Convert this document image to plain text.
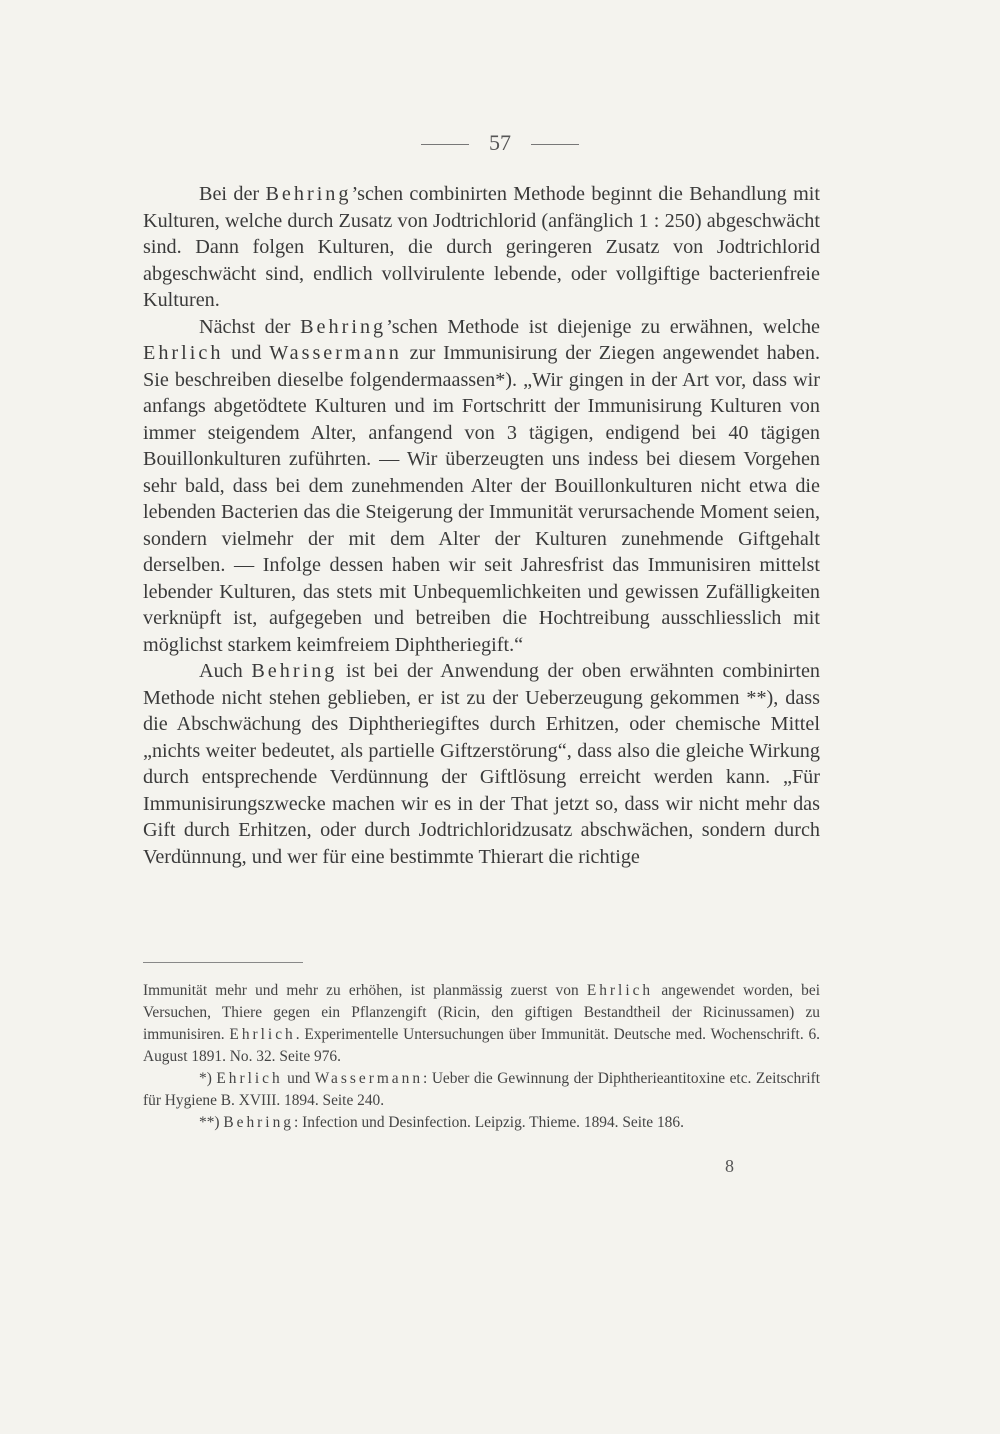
57

Bei der Behring’schen combinirten Methode beginnt die Behandlung mit Kulturen, welche durch Zusatz von Jodtrichlorid (anfänglich 1 : 250) abgeschwächt sind. Dann folgen Kulturen, die durch geringeren Zusatz von Jodtrichlorid abgeschwächt sind, endlich vollvirulente lebende, oder vollgiftige bacterienfreie Kulturen.

Nächst der Behring’schen Methode ist diejenige zu erwähnen, welche Ehrlich und Wassermann zur Immunisirung der Ziegen angewendet haben. Sie beschreiben dieselbe folgendermaassen*). „Wir gingen in der Art vor, dass wir anfangs abgetödtete Kulturen und im Fortschritt der Immunisirung Kulturen von immer steigendem Alter, anfangend von 3 tägigen, endigend bei 40 tägigen Bouillonkulturen zuführten. — Wir überzeugten uns indess bei diesem Vorgehen sehr bald, dass bei dem zunehmenden Alter der Bouillonkulturen nicht etwa die lebenden Bacterien das die Steigerung der Immunität verursachende Moment seien, sondern vielmehr der mit dem Alter der Kulturen zunehmende Giftgehalt derselben. — Infolge dessen haben wir seit Jahresfrist das Immunisiren mittelst lebender Kulturen, das stets mit Unbequemlichkeiten und gewissen Zufälligkeiten verknüpft ist, aufgegeben und betreiben die Hochtreibung ausschliesslich mit möglichst starkem keimfreiem Diphtheriegift.“

Auch Behring ist bei der Anwendung der oben erwähnten combinirten Methode nicht stehen geblieben, er ist zu der Ueberzeugung gekommen **), dass die Abschwächung des Diphtheriegiftes durch Erhitzen, oder chemische Mittel „nichts weiter bedeutet, als partielle Giftzerstörung“, dass also die gleiche Wirkung durch entsprechende Verdünnung der Giftlösung erreicht werden kann. „Für Immunisirungszwecke machen wir es in der That jetzt so, dass wir nicht mehr das Gift durch Erhitzen, oder durch Jodtrichloridzusatz abschwächen, sondern durch Verdünnung, und wer für eine bestimmte Thierart die richtige

Immunität mehr und mehr zu erhöhen, ist planmässig zuerst von Ehrlich angewendet worden, bei Versuchen, Thiere gegen ein Pflanzengift (Ricin, den giftigen Bestandtheil der Ricinussamen) zu immunisiren. Ehrlich. Experimentelle Untersuchungen über Immunität. Deutsche med. Wochenschrift. 6. August 1891. No. 32. Seite 976.

*) Ehrlich und Wassermann: Ueber die Gewinnung der Diphtherieantitoxine etc. Zeitschrift für Hygiene B. XVIII. 1894. Seite 240.

**) Behring: Infection und Desinfection. Leipzig. Thieme. 1894. Seite 186.

8
